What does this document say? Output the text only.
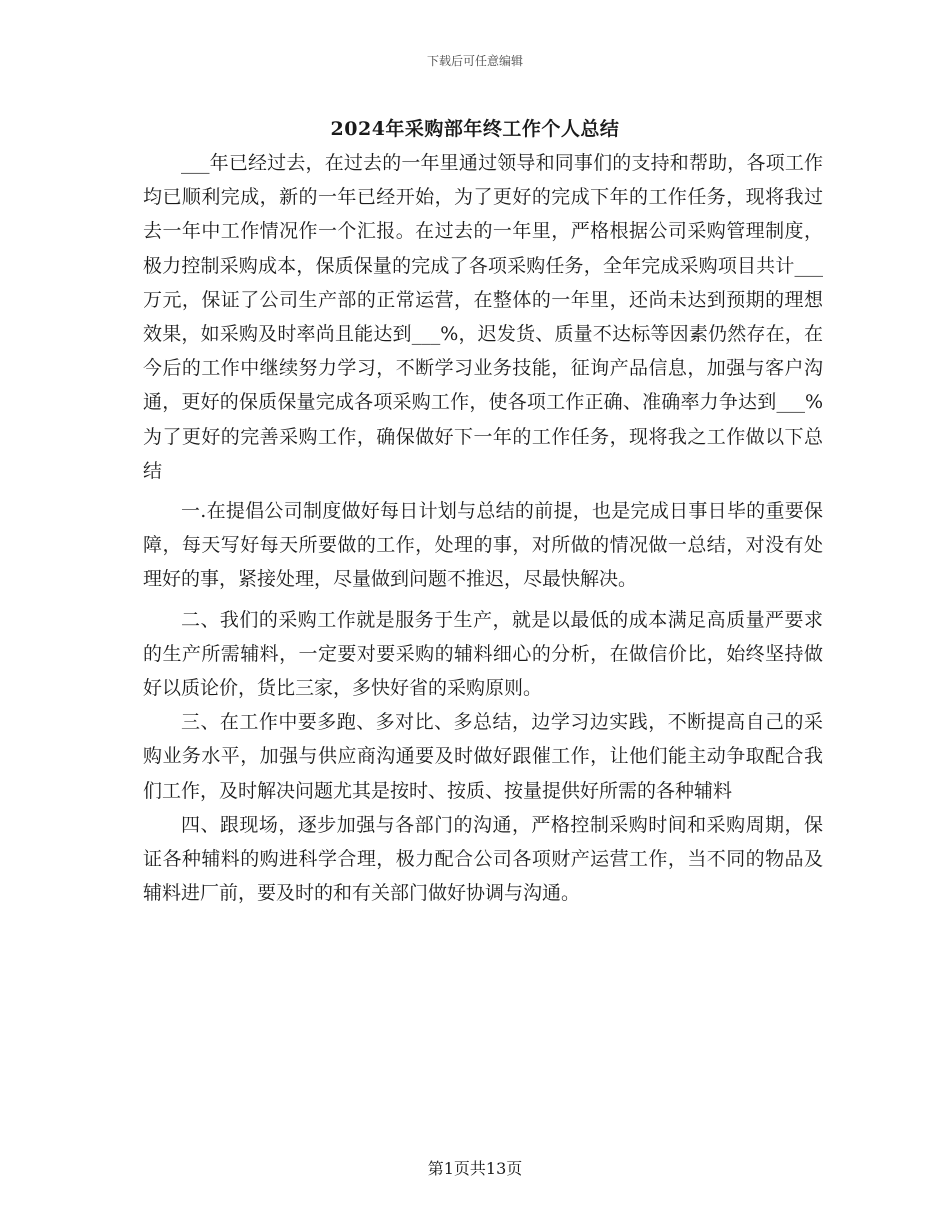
下载后可任意编辑
2024年采购部年终工作个人总结

___年已经过去，在过去的一年里通过领导和同事们的支持和帮助，各项工作均已顺利完成，新的一年已经开始，为了更好的完成下年的工作任务，现将我过去一年中工作情况作一个汇报。在过去的一年里，严格根据公司采购管理制度，极力控制采购成本，保质保量的完成了各项采购任务，全年完成采购项目共计___万元，保证了公司生产部的正常运营，在整体的一年里，还尚未达到预期的理想效果，如采购及时率尚且能达到___%，迟发货、质量不达标等因素仍然存在，在今后的工作中继续努力学习，不断学习业务技能，征询产品信息，加强与客户沟通，更好的保质保量完成各项采购工作，使各项工作正确、准确率力争达到___%为了更好的完善采购工作，确保做好下一年的工作任务，现将我之工作做以下总结

一.在提倡公司制度做好每日计划与总结的前提，也是完成日事日毕的重要保障，每天写好每天所要做的工作，处理的事，对所做的情况做一总结，对没有处理好的事，紧接处理，尽量做到问题不推迟，尽最快解决。

二、我们的采购工作就是服务于生产，就是以最低的成本满足高质量严要求的生产所需辅料，一定要对要采购的辅料细心的分析，在做信价比，始终坚持做好以质论价，货比三家，多快好省的采购原则。

三、在工作中要多跑、多对比、多总结，边学习边实践，不断提高自己的采购业务水平，加强与供应商沟通要及时做好跟催工作，让他们能主动争取配合我们工作，及时解决问题尤其是按时、按质、按量提供好所需的各种辅料

四、跟现场，逐步加强与各部门的沟通，严格控制采购时间和采购周期，保证各种辅料的购进科学合理，极力配合公司各项财产运营工作，当不同的物品及辅料进厂前，要及时的和有关部门做好协调与沟通。

第1页共13页
